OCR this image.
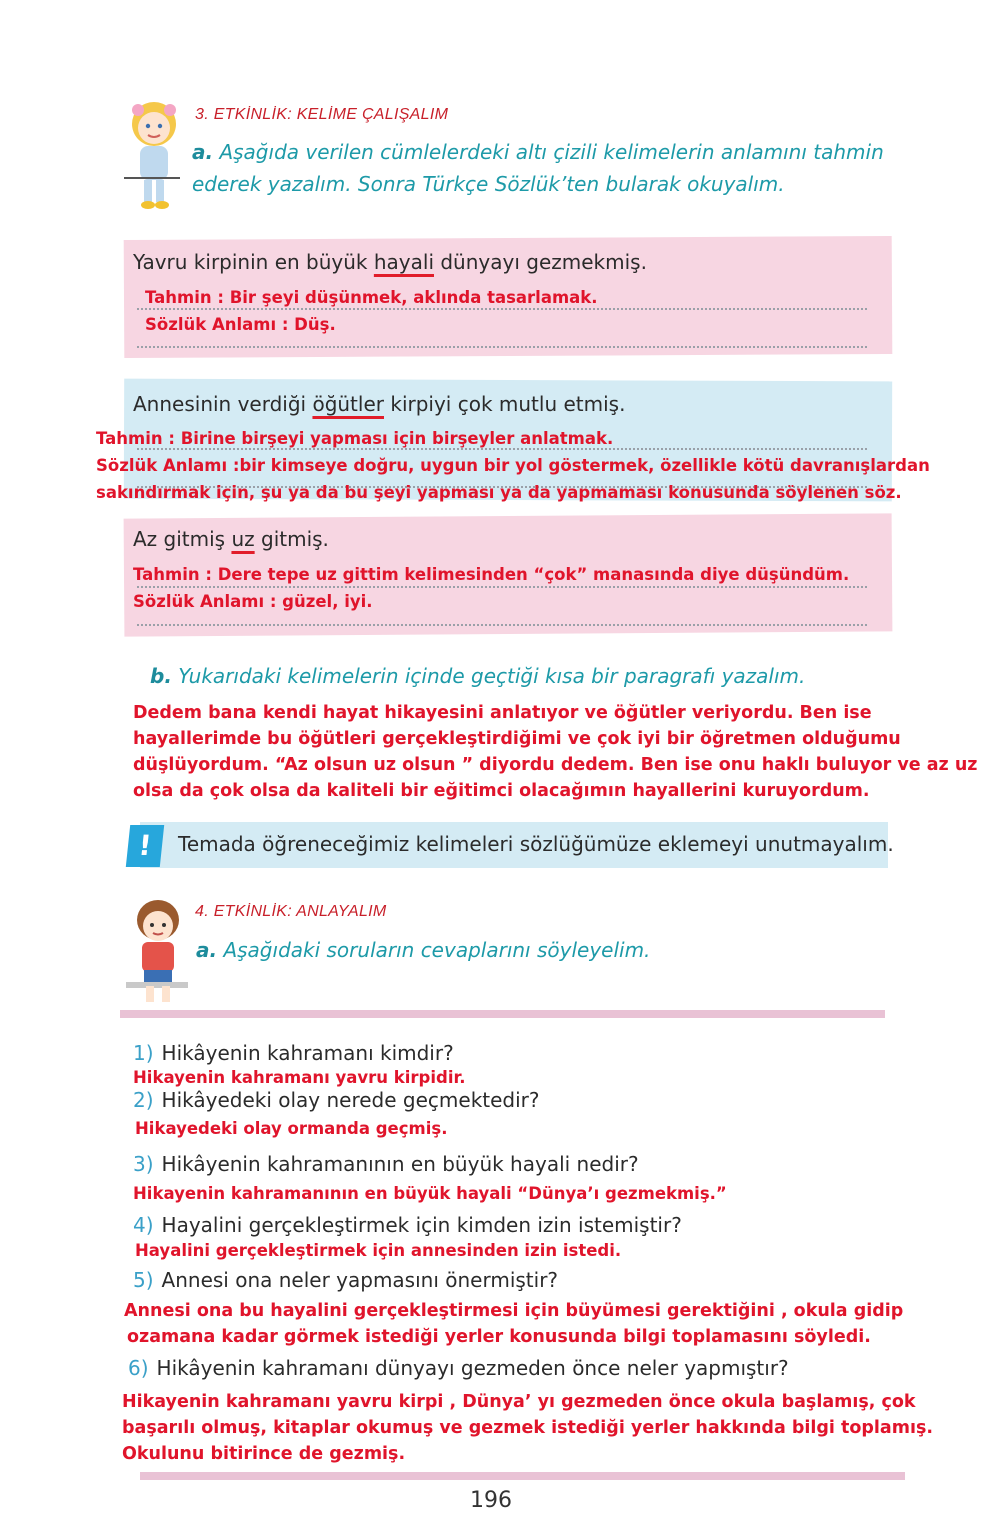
3. ETKİNLİK: KELİME ÇALIŞALIM
a. Aşağıda verilen cümlelerdeki altı çizili kelimelerin anlamını tahmin
ederek yazalım. Sonra Türkçe Sözlük’ten bularak okuyalım.
Yavru kirpinin en büyük hayali dünyayı gezmekmiş.
Tahmin : Bir şeyi düşünmek, aklında tasarlamak.
Sözlük Anlamı : Düş.
Annesinin verdiği öğütler kirpiyi çok mutlu etmiş.
Tahmin : Birine birşeyi yapması için birşeyler anlatmak.
Sözlük Anlamı :bir kimseye doğru, uygun bir yol göstermek, özellikle kötü davranışlardan
sakındırmak için, şu ya da bu şeyi yapması ya da yapmaması konusunda söylenen söz.
Az gitmiş uz gitmiş.
Tahmin : Dere tepe uz gittim kelimesinden “çok” manasında diye düşündüm.
Sözlük Anlamı : güzel, iyi.
b. Yukarıdaki kelimelerin içinde geçtiği kısa bir paragrafı yazalım.
Dedem bana kendi hayat hikayesini anlatıyor ve öğütler veriyordu. Ben ise
hayallerimde bu öğütleri gerçekleştirdiğimi ve çok iyi bir öğretmen olduğumu
düşlüyordum. “Az olsun uz olsun ” diyordu dedem. Ben ise onu haklı buluyor ve az uz
olsa da çok olsa da kaliteli bir eğitimci olacağımın hayallerini kuruyordum.
!	Temada öğreneceğimiz kelimeleri sözlüğümüze eklemeyi unutmayalım.
4. ETKİNLİK: ANLAYALIM
a. Aşağıdaki soruların cevaplarını söyleyelim.
1) Hikâyenin kahramanı kimdir?
Hikayenin kahramanı yavru kirpidir.
2) Hikâyedeki olay nerede geçmektedir?
Hikayedeki olay ormanda geçmiş.
3) Hikâyenin kahramanının en büyük hayali nedir?
Hikayenin kahramanının en büyük hayali “Dünya’ı gezmekmiş.”
4) Hayalini gerçekleştirmek için kimden izin istemiştir?
Hayalini gerçekleştirmek için annesinden izin istedi.
5) Annesi ona neler yapmasını önermiştir?
Annesi ona bu hayalini gerçekleştirmesi için büyümesi gerektiğini , okula gidip
ozamana kadar görmek istediği yerler konusunda bilgi toplamasını söyledi.
6) Hikâyenin kahramanı dünyayı gezmeden önce neler yapmıştır?
Hikayenin kahramanı yavru kirpi , Dünya’ yı gezmeden önce okula başlamış, çok
başarılı olmuş, kitaplar okumuş ve gezmek istediği yerler hakkında bilgi toplamış.
Okulunu bitirince de gezmiş.
196
